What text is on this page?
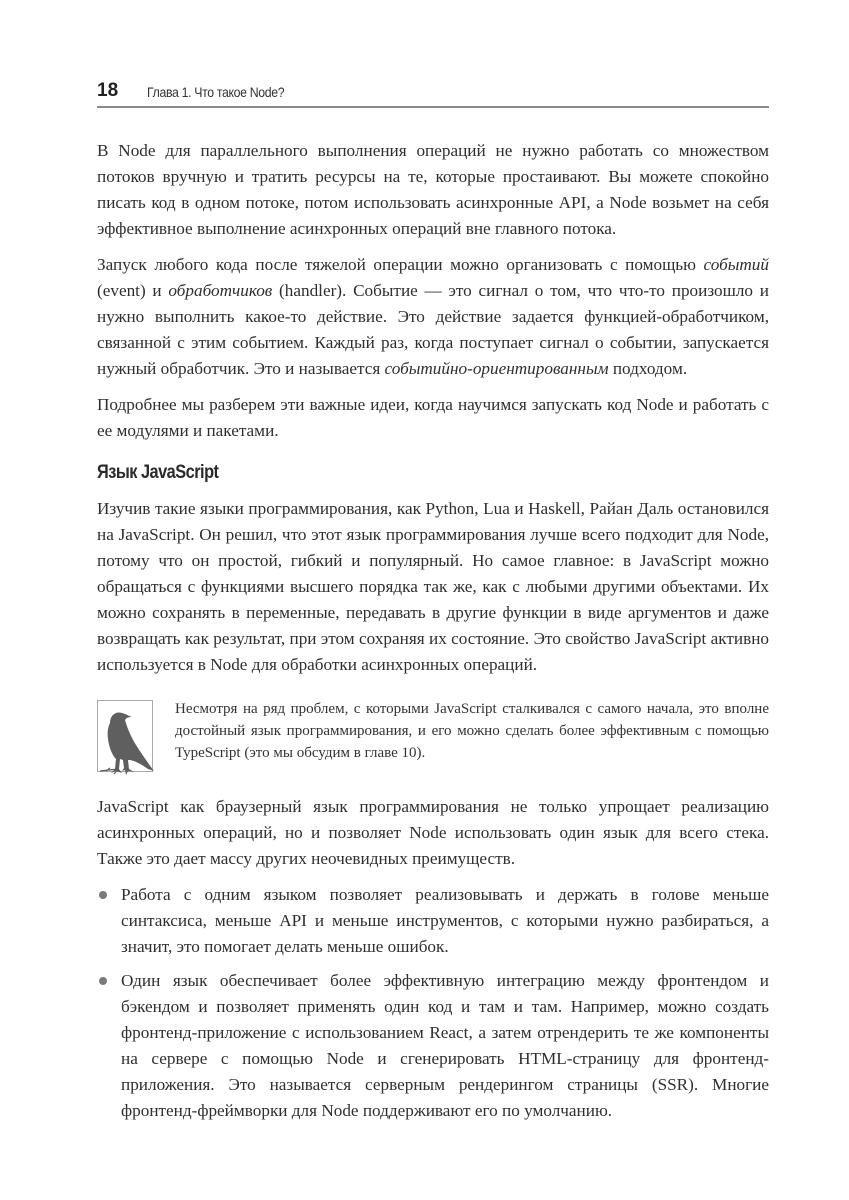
18	Глава 1. Что такое Node?

В Node для параллельного выполнения операций не нужно работать со множеством потоков вручную и тратить ресурсы на те, которые простаивают. Вы можете спокойно писать код в одном потоке, потом использовать асинхронные API, а Node возьмет на себя эффективное выполнение асинхронных операций вне главного потока.

Запуск любого кода после тяжелой операции можно организовать с помощью событий (event) и обработчиков (handler). Событие — это сигнал о том, что что-то произошло и нужно выполнить какое-то действие. Это действие задается функцией-обработчиком, связанной с этим событием. Каждый раз, когда поступает сигнал о событии, запускается нужный обработчик. Это и называется событийно-ориентированным подходом.

Подробнее мы разберем эти важные идеи, когда научимся запускать код Node и работать с ее модулями и пакетами.

Язык JavaScript

Изучив такие языки программирования, как Python, Lua и Haskell, Райан Даль остановился на JavaScript. Он решил, что этот язык программирования лучше всего подходит для Node, потому что он простой, гибкий и популярный. Но самое главное: в JavaScript можно обращаться с функциями высшего порядка так же, как с любыми другими объектами. Их можно сохранять в переменные, передавать в другие функции в виде аргументов и даже возвращать как результат, при этом сохраняя их состояние. Это свойство JavaScript активно используется в Node для обработки асинхронных операций.

Несмотря на ряд проблем, с которыми JavaScript сталкивался с самого начала, это вполне достойный язык программирования, и его можно сделать более эффективным с помощью TypeScript (это мы обсудим в главе 10).

JavaScript как браузерный язык программирования не только упрощает реализацию асинхронных операций, но и позволяет Node использовать один язык для всего стека. Также это дает массу других неочевидных преимуществ.

Работа с одним языком позволяет реализовывать и держать в голове меньше синтаксиса, меньше API и меньше инструментов, с которыми нужно разбираться, а значит, это помогает делать меньше ошибок.
Один язык обеспечивает более эффективную интеграцию между фронтендом и бэкендом и позволяет применять один код и там и там. Например, можно создать фронтенд-приложение с использованием React, а затем отрендерить те же компоненты на сервере с помощью Node и сгенерировать HTML-страницу для фронтенд-приложения. Это называется серверным рендерингом страницы (SSR). Многие фронтенд-фреймворки для Node поддерживают его по умолчанию.
